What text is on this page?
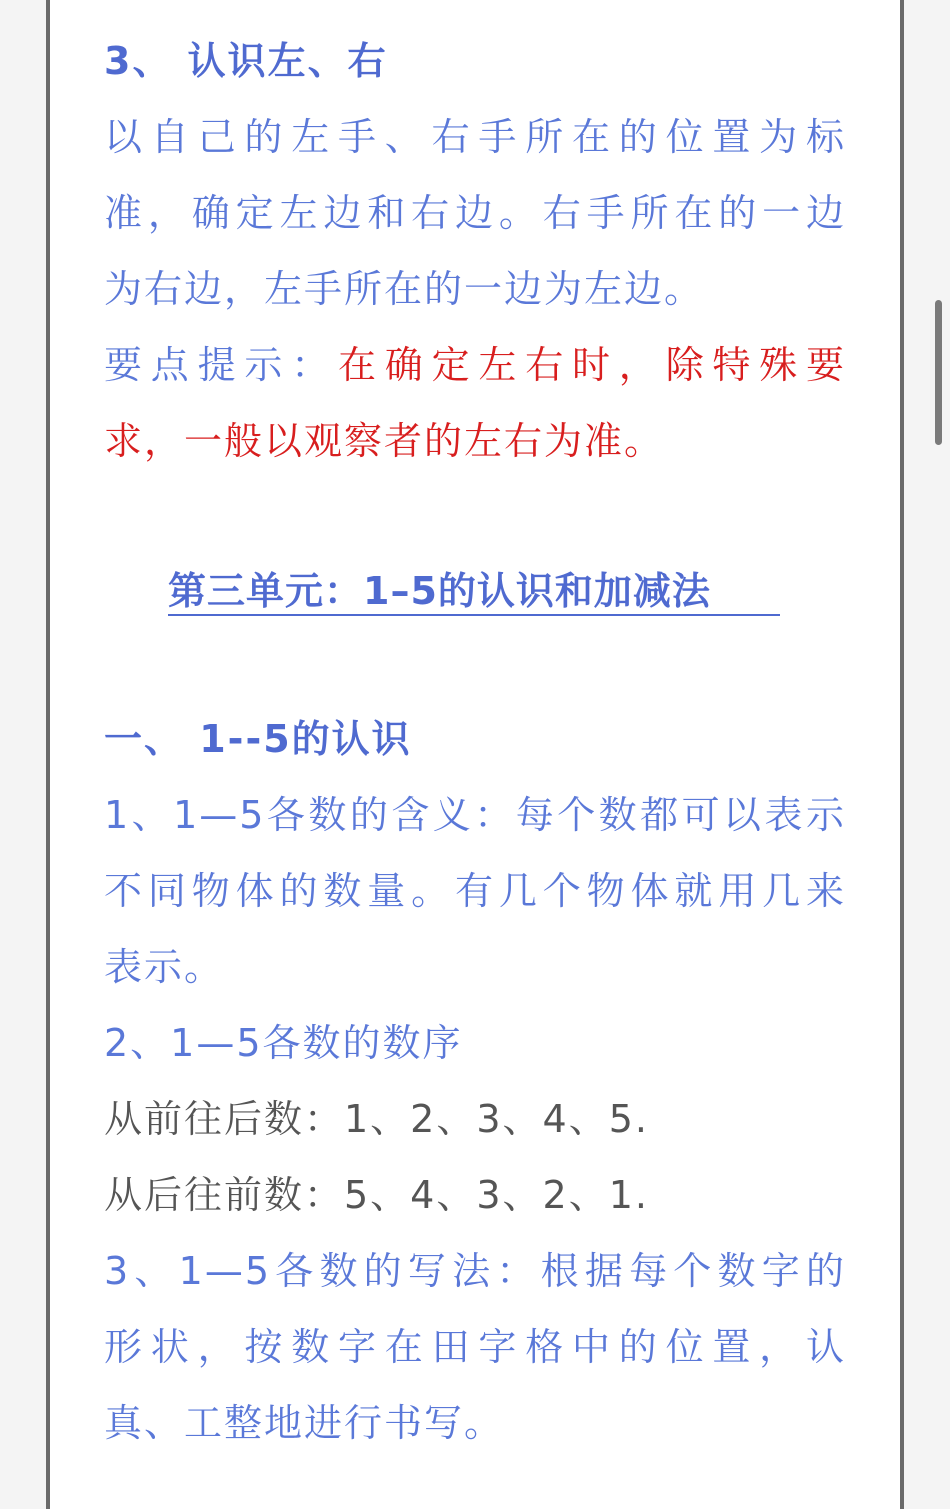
3、 认识左、右
以自己的左手、右手所在的位置为标
准，确定左边和右边。右手所在的一边
为右边，左手所在的一边为左边。
要点提示：在确定左右时，除特殊要
求，一般以观察者的左右为准。
第三单元：1–5的认识和加减法
一、 1--5的认识
1、1—5各数的含义：每个数都可以表示
不同物体的数量。有几个物体就用几来
表示。
2、1—5各数的数序
从前往后数：1、2、3、4、5.
从后往前数：5、4、3、2、1.
3、1—5各数的写法：根据每个数字的
形状，按数字在田字格中的位置，认
真、工整地进行书写。
